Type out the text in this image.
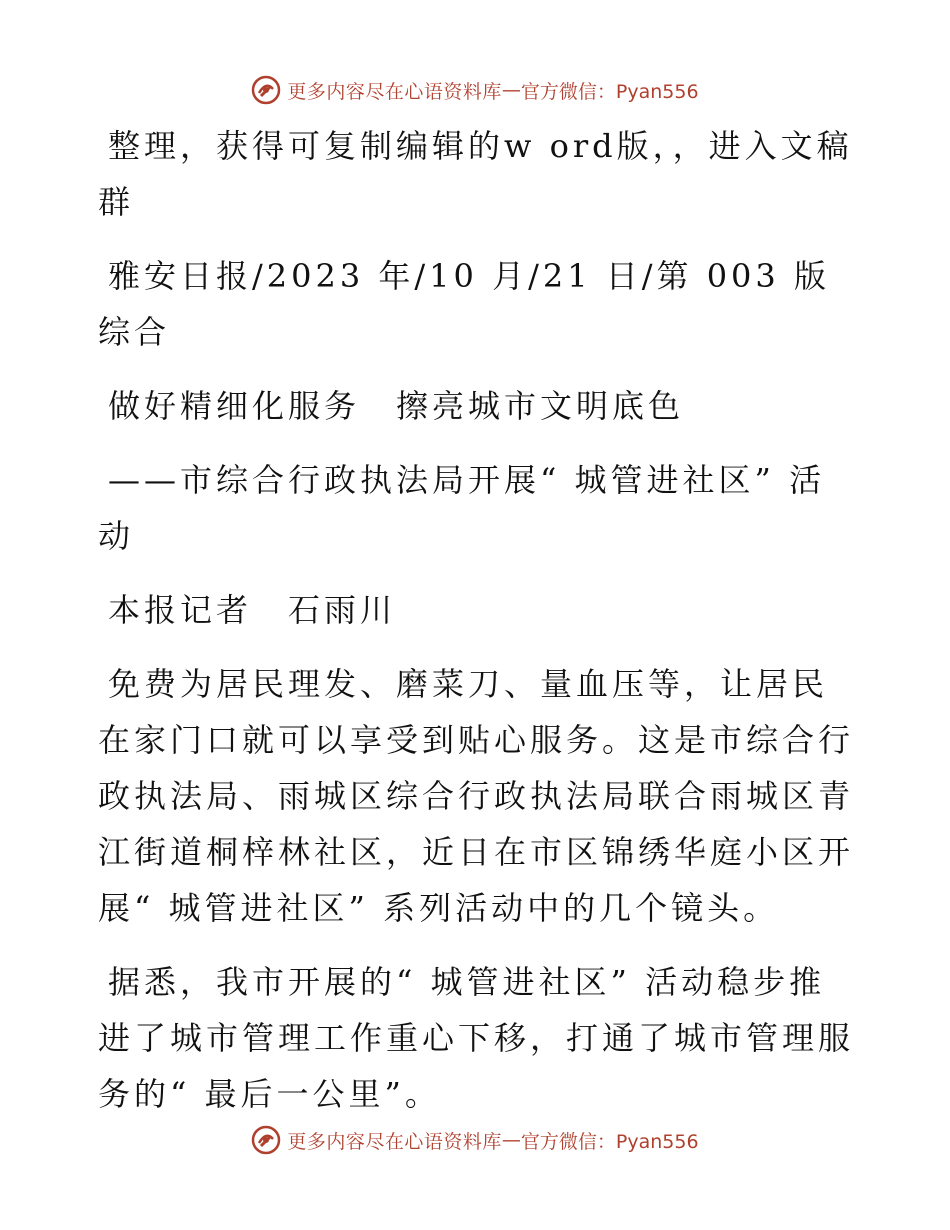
更多内容尽在心语资料库 — 官方微信：Pyan556

整理，获得可复制编辑的w ord版，，进入文稿群

雅安日报/2023 年/10 月/21 日/第 003 版综合

做好精细化服务　擦亮城市文明底色

——市综合行政执法局开展“ 城管进社区” 活动

本报记者　石雨川

免费为居民理发、磨菜刀、量血压等，让居民在家门口就可以享受到贴心服务。这是市综合行政执法局、雨城区综合行政执法局联合雨城区青江街道桐梓林社区，近日在市区锦绣华庭小区开展“ 城管进社区” 系列活动中的几个镜头。

据悉，我市开展的“ 城管进社区” 活动稳步推进了城市管理工作重心下移，打通了城市管理服务的“ 最后一公里”。

更多内容尽在心语资料库 — 官方微信：Pyan556
